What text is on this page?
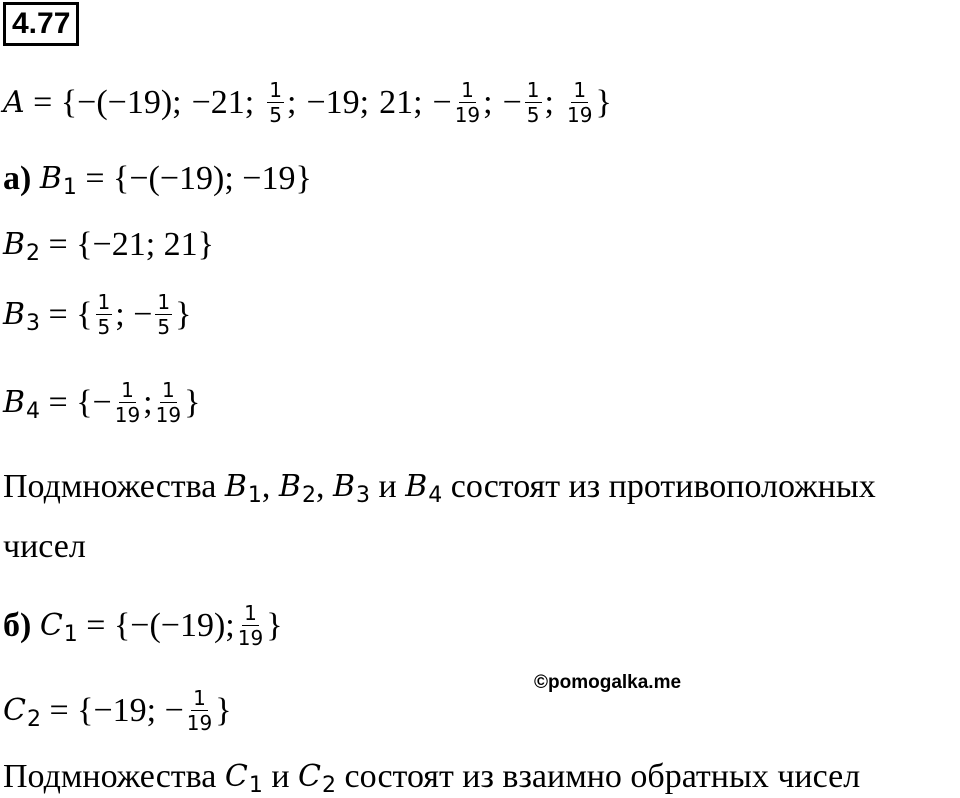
4.77
A = { −(−19); −21; $\frac{1}{5}$ ; −19; 21; − $\frac{1}{19}$ ; − $\frac{1}{5}$ ; $\frac{1}{19}$ }
а)
B 1 = {−(−19); −19}
B 2 = {−21; 21}
B 3 = { $\frac{1}{5}$ ; − $\frac{1}{5}$ }
B 4 = {− $\frac{1}{19}$ ; $\frac{1}{19}$ }
Подмножества
B 1 , B 2 , B 3
и
B 4
состоят из противоположных
чисел
б)
C 1 = {−(−19); $\frac{1}{19}$ }
C 2 = {−19; − $\frac{1}{19}$ }
©pomogalka.me
Подмножества
C 1
и
C 2
состоят из взаимно обратных чисел
